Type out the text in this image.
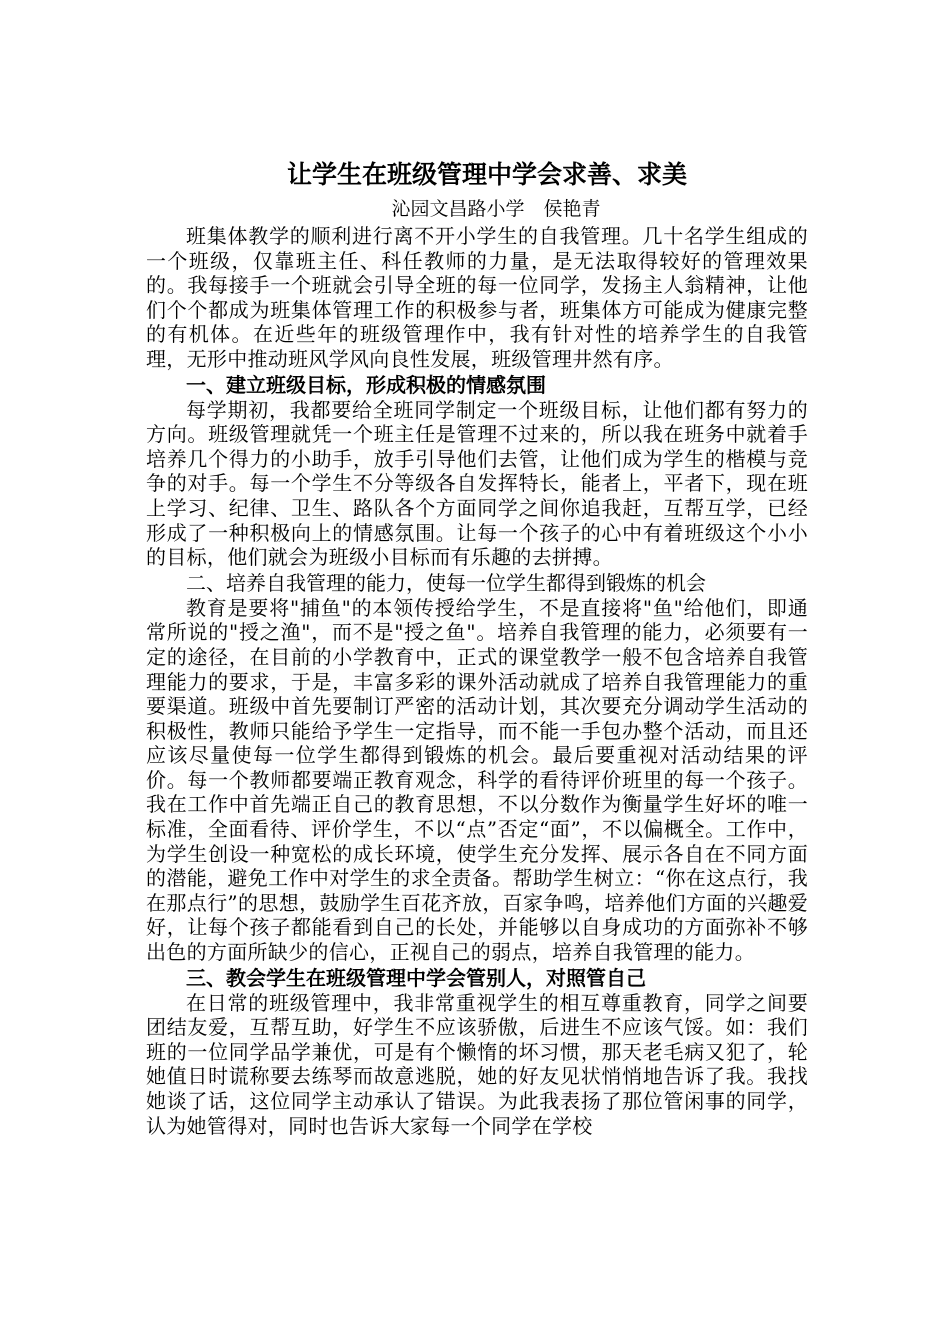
让学生在班级管理中学会求善、求美

沁园文昌路小学　侯艳青

班集体教学的顺利进行离不开小学生的自我管理。几十名学生组成的一个班级，仅靠班主任、科任教师的力量，是无法取得较好的管理效果的。我每接手一个班就会引导全班的每一位同学，发扬主人翁精神，让他们个个都成为班集体管理工作的积极参与者，班集体方可能成为健康完整的有机体。在近些年的班级管理作中，我有针对性的培养学生的自我管理，无形中推动班风学风向良性发展，班级管理井然有序。

一、建立班级目标，形成积极的情感氛围

每学期初，我都要给全班同学制定一个班级目标，让他们都有努力的方向。班级管理就凭一个班主任是管理不过来的，所以我在班务中就着手培养几个得力的小助手，放手引导他们去管，让他们成为学生的楷模与竞争的对手。每一个学生不分等级各自发挥特长，能者上，平者下，现在班上学习、纪律、卫生、路队各个方面同学之间你追我赶，互帮互学，已经形成了一种积极向上的情感氛围。让每一个孩子的心中有着班级这个小小的目标，他们就会为班级小目标而有乐趣的去拼搏。

二、培养自我管理的能力，使每一位学生都得到锻炼的机会

教育是要将"捕鱼"的本领传授给学生，不是直接将"鱼"给他们，即通常所说的"授之渔"，而不是"授之鱼"。培养自我管理的能力，必须要有一定的途径，在目前的小学教育中，正式的课堂教学一般不包含培养自我管理能力的要求，于是，丰富多彩的课外活动就成了培养自我管理能力的重要渠道。班级中首先要制订严密的活动计划，其次要充分调动学生活动的积极性，教师只能给予学生一定指导，而不能一手包办整个活动，而且还应该尽量使每一位学生都得到锻炼的机会。最后要重视对活动结果的评价。每一个教师都要端正教育观念，科学的看待评价班里的每一个孩子。我在工作中首先端正自己的教育思想，不以分数作为衡量学生好坏的唯一标准，全面看待、评价学生，不以“点”否定“面”，不以偏概全。工作中，为学生创设一种宽松的成长环境，使学生充分发挥、展示各自在不同方面的潜能，避免工作中对学生的求全责备。帮助学生树立：“你在这点行，我在那点行”的思想，鼓励学生百花齐放，百家争鸣，培养他们方面的兴趣爱好，让每个孩子都能看到自己的长处，并能够以自身成功的方面弥补不够出色的方面所缺少的信心，正视自己的弱点，培养自我管理的能力。

三、教会学生在班级管理中学会管别人，对照管自己

在日常的班级管理中，我非常重视学生的相互尊重教育，同学之间要团结友爱，互帮互助，好学生不应该骄傲，后进生不应该气馁。如：我们班的一位同学品学兼优，可是有个懒惰的坏习惯，那天老毛病又犯了，轮她值日时谎称要去练琴而故意逃脱，她的好友见状悄悄地告诉了我。我找她谈了话，这位同学主动承认了错误。为此我表扬了那位管闲事的同学，认为她管得对，同时也告诉大家每一个同学在学校
